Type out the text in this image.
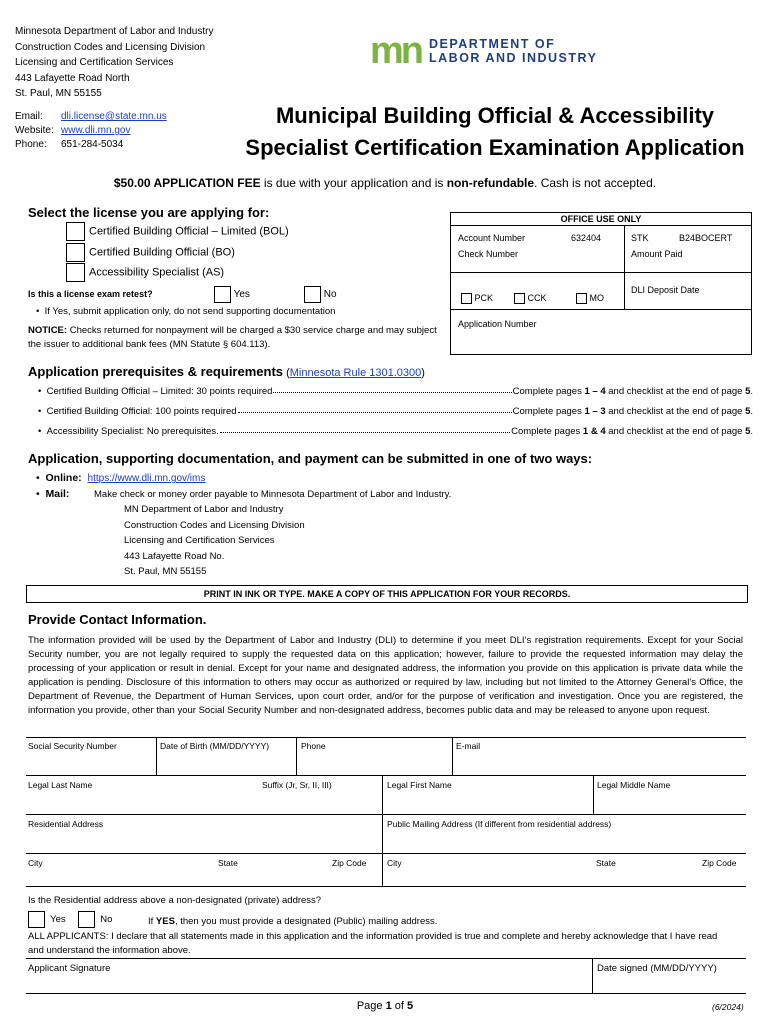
Minnesota Department of Labor and Industry
Construction Codes and Licensing Division
Licensing and Certification Services
443 Lafayette Road North
St. Paul, MN 55155
Email: dli.license@state.mn.us
Website: www.dli.mn.gov
Phone: 651-284-5034
mn DEPARTMENT OF
LABOR AND INDUSTRY
Municipal Building Official & Accessibility
Specialist Certification Examination Application
$50.00 APPLICATION FEE is due with your application and is non-refundable. Cash is not accepted.
Select the license you are applying for:
Certified Building Official – Limited (BOL)
Certified Building Official (BO)
Accessibility Specialist (AS)
Is this a license exam retest?	Yes	No
•  If Yes, submit application only, do not send supporting documentation
NOTICE: Checks returned for nonpayment will be charged a $30 service charge and may subject the issuer to additional bank fees (MN Statute § 604.113).
OFFICE USE ONLY
Account Number	632404	STK	B24BOCERT
Check Number	Amount Paid
PCK	CCK	MO
DLI Deposit Date
Application Number
Application prerequisites & requirements (Minnesota Rule 1301.0300)
•  Certified Building Official – Limited: 30 points required	Complete pages 1 – 4 and checklist at the end of page 5.
•  Certified Building Official: 100 points required	Complete pages 1 – 3 and checklist at the end of page 5.
•  Accessibility Specialist: No prerequisites.	Complete pages 1 & 4 and checklist at the end of page 5.
Application, supporting documentation, and payment can be submitted in one of two ways:
•  Online: https://www.dli.mn.gov/ims
•  Mail:	Make check or money order payable to Minnesota Department of Labor and Industry.
MN Department of Labor and Industry
Construction Codes and Licensing Division
Licensing and Certification Services
443 Lafayette Road No.
St. Paul, MN 55155
PRINT IN INK OR TYPE. MAKE A COPY OF THIS APPLICATION FOR YOUR RECORDS.
Provide Contact Information.
The information provided will be used by the Department of Labor and Industry (DLI) to determine if you meet DLI’s registration requirements. Except for your Social Security number, you are not legally required to supply the requested data on this application; however, failure to provide the requested information may delay the processing of your application or result in denial. Except for your name and designated address, the information you provide on this application is private data while the application is pending. Disclosure of this information to others may occur as authorized or required by law, including but not limited to the Attorney General’s Office, the Department of Revenue, the Department of Human Services, upon court order, and/or for the purpose of verification and investigation. Once you are registered, the information you provide, other than your Social Security Number and non-designated address, becomes public data and may be released to anyone upon request.
Social Security Number	Date of Birth (MM/DD/YYYY)	Phone	E-mail
Legal Last Name	Suffix (Jr, Sr, II, III)	Legal First Name	Legal Middle Name
Residential Address	Public Mailing Address (If different from residential address)
City	State	Zip Code City	State	Zip Code
Is the Residential address above a non-designated (private) address?
Yes	No	If YES, then you must provide a designated (Public) mailing address.
ALL APPLICANTS: I declare that all statements made in this application and the information provided is true and complete and hereby acknowledge that I have read and understand the information above.
Applicant Signature	Date signed (MM/DD/YYYY)
Page 1 of 5	(6/2024)
